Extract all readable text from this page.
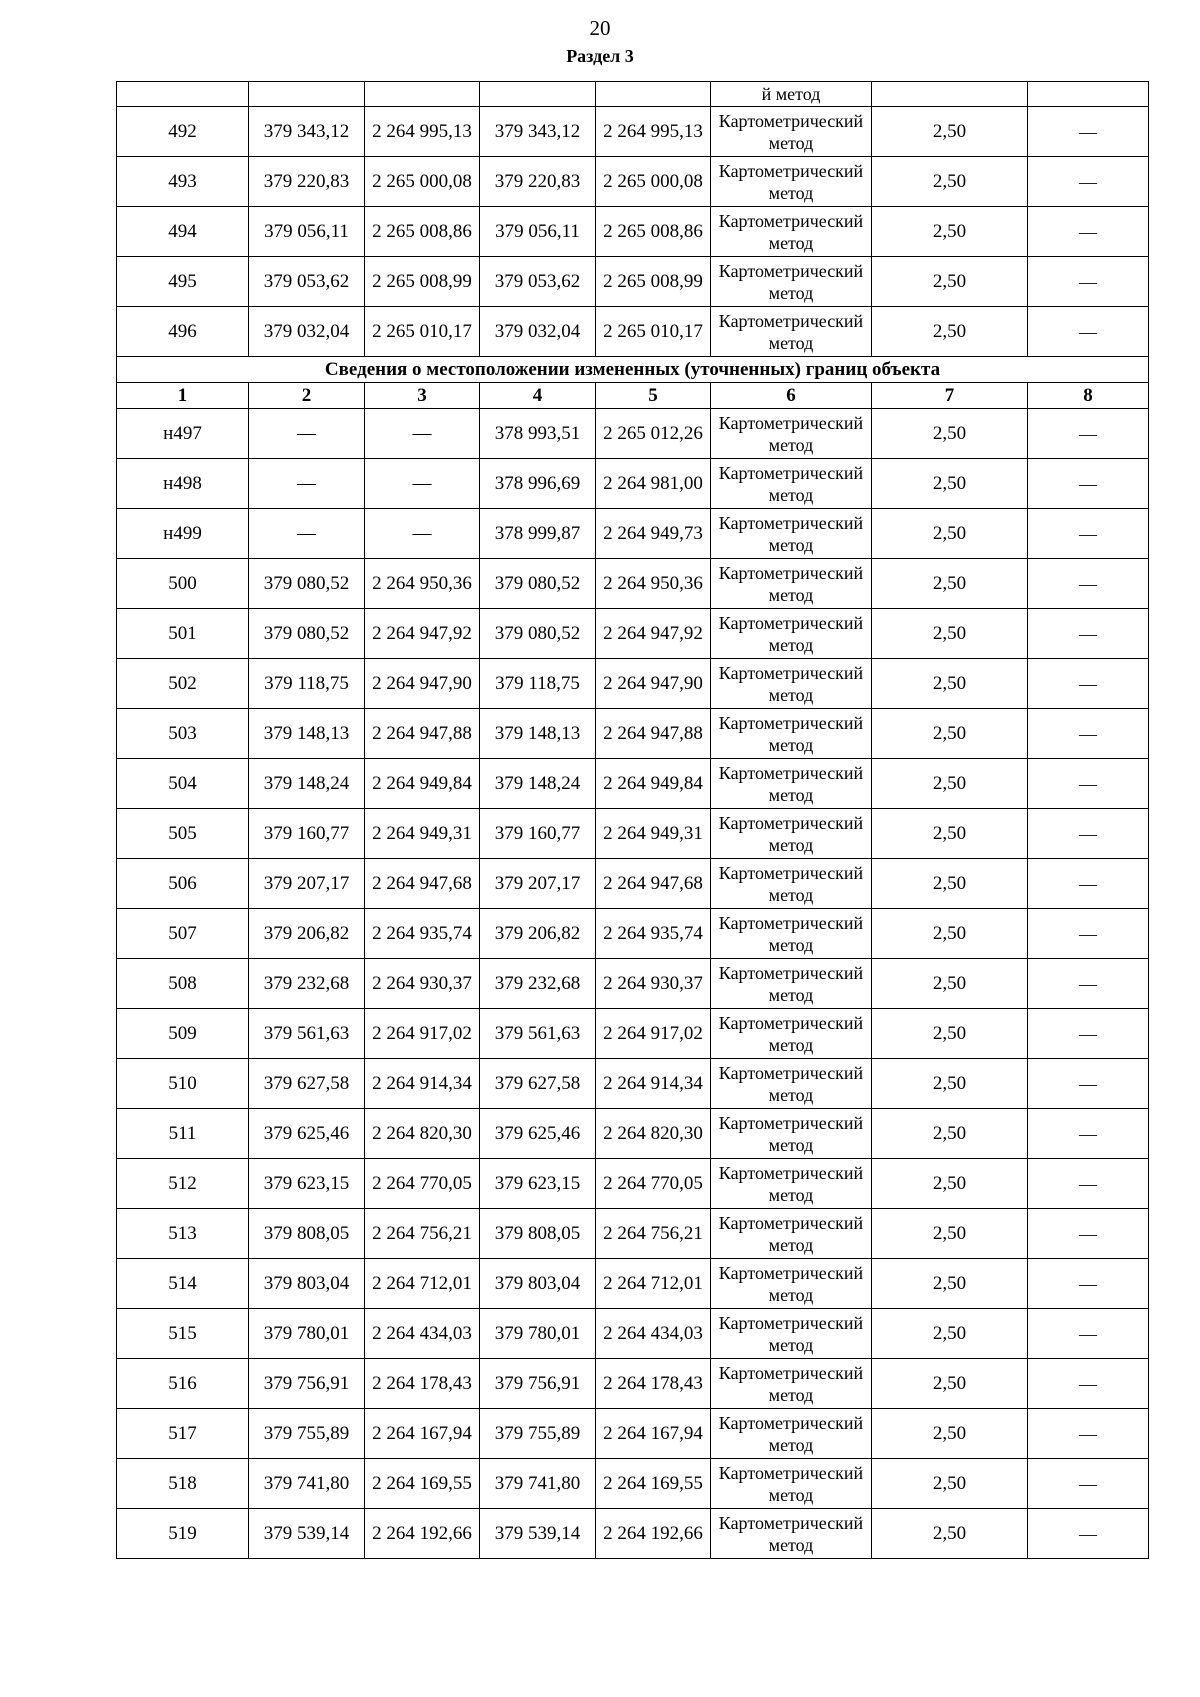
20
Раздел 3
					й метод		
492	379 343,12	2 264 995,13	379 343,12	2 264 995,13	Картометрический метод	2,50	—
493	379 220,83	2 265 000,08	379 220,83	2 265 000,08	Картометрический метод	2,50	—
494	379 056,11	2 265 008,86	379 056,11	2 265 008,86	Картометрический метод	2,50	—
495	379 053,62	2 265 008,99	379 053,62	2 265 008,99	Картометрический метод	2,50	—
496	379 032,04	2 265 010,17	379 032,04	2 265 010,17	Картометрический метод	2,50	—
Сведения о местоположении измененных (уточненных) границ объекта							
1	2	3	4	5	6	7	8
н497	—	—	378 993,51	2 265 012,26	Картометрический метод	2,50	—
н498	—	—	378 996,69	2 264 981,00	Картометрический метод	2,50	—
н499	—	—	378 999,87	2 264 949,73	Картометрический метод	2,50	—
500	379 080,52	2 264 950,36	379 080,52	2 264 950,36	Картометрический метод	2,50	—
501	379 080,52	2 264 947,92	379 080,52	2 264 947,92	Картометрический метод	2,50	—
502	379 118,75	2 264 947,90	379 118,75	2 264 947,90	Картометрический метод	2,50	—
503	379 148,13	2 264 947,88	379 148,13	2 264 947,88	Картометрический метод	2,50	—
504	379 148,24	2 264 949,84	379 148,24	2 264 949,84	Картометрический метод	2,50	—
505	379 160,77	2 264 949,31	379 160,77	2 264 949,31	Картометрический метод	2,50	—
506	379 207,17	2 264 947,68	379 207,17	2 264 947,68	Картометрический метод	2,50	—
507	379 206,82	2 264 935,74	379 206,82	2 264 935,74	Картометрический метод	2,50	—
508	379 232,68	2 264 930,37	379 232,68	2 264 930,37	Картометрический метод	2,50	—
509	379 561,63	2 264 917,02	379 561,63	2 264 917,02	Картометрический метод	2,50	—
510	379 627,58	2 264 914,34	379 627,58	2 264 914,34	Картометрический метод	2,50	—
511	379 625,46	2 264 820,30	379 625,46	2 264 820,30	Картометрический метод	2,50	—
512	379 623,15	2 264 770,05	379 623,15	2 264 770,05	Картометрический метод	2,50	—
513	379 808,05	2 264 756,21	379 808,05	2 264 756,21	Картометрический метод	2,50	—
514	379 803,04	2 264 712,01	379 803,04	2 264 712,01	Картометрический метод	2,50	—
515	379 780,01	2 264 434,03	379 780,01	2 264 434,03	Картометрический метод	2,50	—
516	379 756,91	2 264 178,43	379 756,91	2 264 178,43	Картометрический метод	2,50	—
517	379 755,89	2 264 167,94	379 755,89	2 264 167,94	Картометрический метод	2,50	—
518	379 741,80	2 264 169,55	379 741,80	2 264 169,55	Картометрический метод	2,50	—
519	379 539,14	2 264 192,66	379 539,14	2 264 192,66	Картометрический метод	2,50	—
